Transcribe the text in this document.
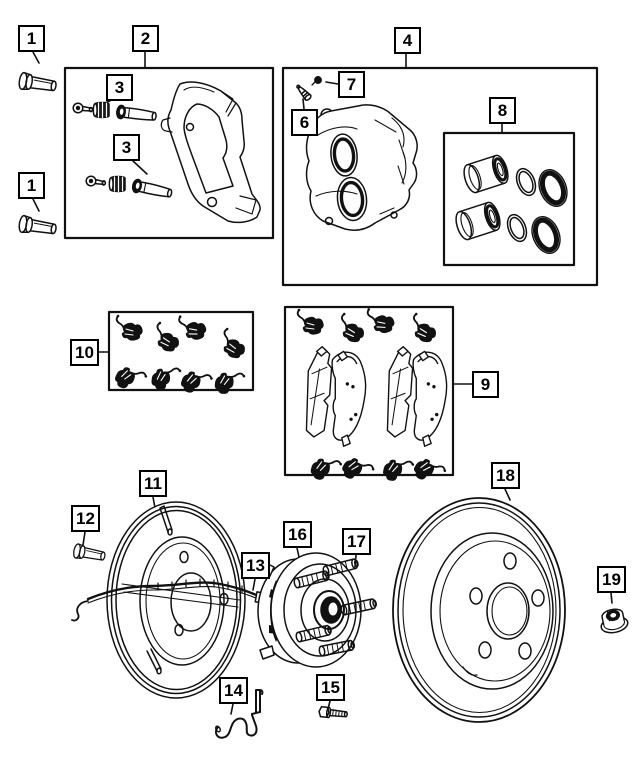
1	2
3
3
1
4
7
6
8
10
9
11
12
13
14
16 17
15
18
19
